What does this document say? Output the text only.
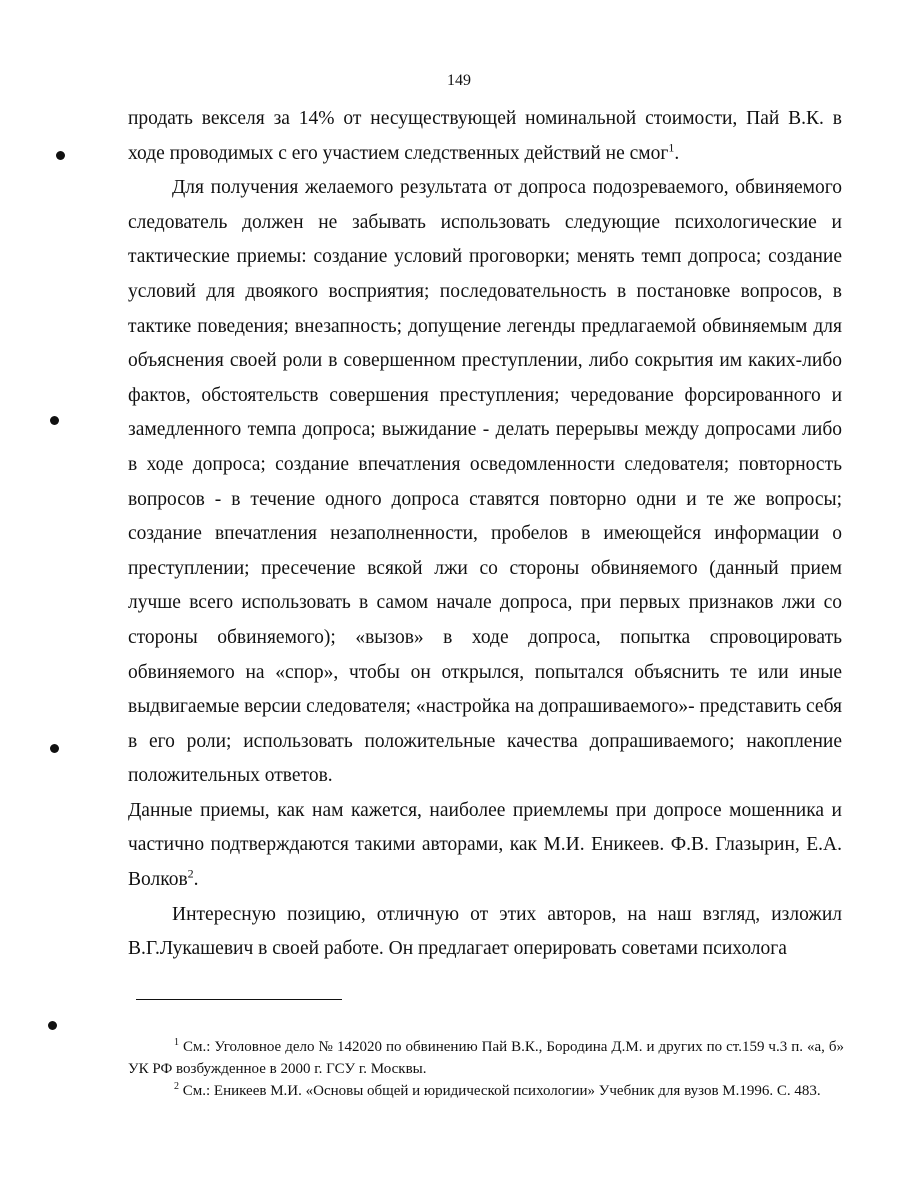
149

продать векселя за 14% от несуществующей номинальной стоимости, Пай В.К. в ходе проводимых с его участием следственных действий не смог$^1$.

Для получения желаемого результата от допроса подозреваемого, обвиняемого следователь должен не забывать использовать следующие психологические и тактические приемы: создание условий проговорки; менять темп допроса; создание условий для двоякого восприятия; последовательность в постановке вопросов, в тактике поведения; внезапность; допущение легенды предлагаемой обвиняемым для объяснения своей роли в совершенном преступлении, либо сокрытия им каких-либо фактов, обстоятельств совершения преступления; чередование форсированного и замедленного темпа допроса; выжидание - делать перерывы между допросами либо в ходе допроса; создание впечатления осведомленности следователя; повторность вопросов - в течение одного допроса ставятся повторно одни и те же вопросы; создание впечатления незаполненности, пробелов в имеющейся информации о преступлении; пресечение всякой лжи со стороны обвиняемого (данный прием лучше всего использовать в самом начале допроса, при первых признаков лжи со стороны обвиняемого); «вызов» в ходе допроса, попытка спровоцировать обвиняемого на «спор», чтобы он открылся, попытался объяснить те или иные выдвигаемые версии следователя; «настройка на допрашиваемого»- представить себя в его роли; использовать положительные качества допрашиваемого; накопление положительных ответов.

Данные приемы, как нам кажется, наиболее приемлемы при допросе мошенника и частично подтверждаются такими авторами, как М.И. Еникеев. Ф.В. Глазырин, Е.А. Волков$^2$.

Интересную позицию, отличную от этих авторов, на наш взгляд, изложил В.Г.Лукашевич в своей работе. Он предлагает оперировать советами психолога

$^1$ См.: Уголовное дело № 142020 по обвинению Пай В.К., Бородина Д.М. и других по ст.159 ч.3 п. «а, б» УК РФ возбужденное в 2000 г. ГСУ г. Москвы.

$^2$ См.: Еникеев М.И. «Основы общей и юридической психологии» Учебник для вузов М.1996. С. 483.
